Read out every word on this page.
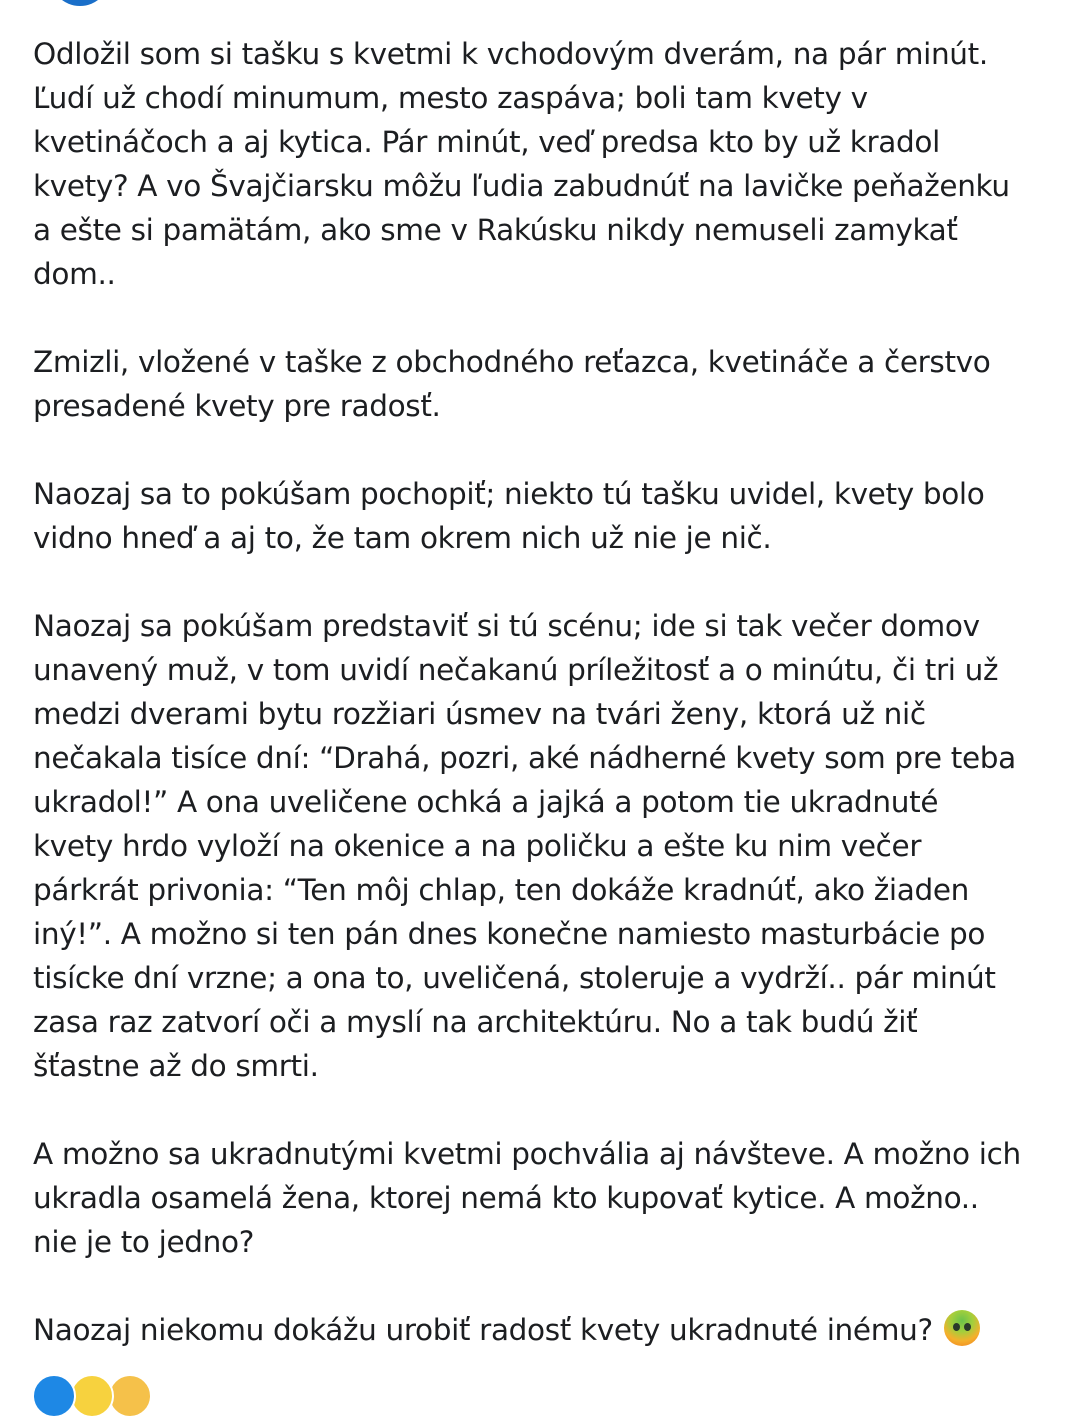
Odložil som si tašku s kvetmi k vchodovým dverám, na pár minút.
Ľudí už chodí minumum, mesto zaspáva; boli tam kvety v
kvetináčoch a aj kytica. Pár minút, veď predsa kto by už kradol
kvety? A vo Švajčiarsku môžu ľudia zabudnúť na lavičke peňaženku
a ešte si pamätám, ako sme v Rakúsku nikdy nemuseli zamykať
dom..

Zmizli, vložené v taške z obchodného reťazca, kvetináče a čerstvo
presadené kvety pre radosť.

Naozaj sa to pokúšam pochopiť; niekto tú tašku uvidel, kvety bolo
vidno hneď a aj to, že tam okrem nich už nie je nič.

Naozaj sa pokúšam predstaviť si tú scénu; ide si tak večer domov
unavený muž, v tom uvidí nečakanú príležitosť a o minútu, či tri už
medzi dverami bytu rozžiari úsmev na tvári ženy, ktorá už nič
nečakala tisíce dní: “Drahá, pozri, aké nádherné kvety som pre teba
ukradol!” A ona uveličene ochká a jajká a potom tie ukradnuté
kvety hrdo vyloží na okenice a na poličku a ešte ku nim večer
párkrát privonia: “Ten môj chlap, ten dokáže kradnúť, ako žiaden
iný!”. A možno si ten pán dnes konečne namiesto masturbácie po
tisícke dní vrzne; a ona to, uveličená, stoleruje a vydrží.. pár minút
zasa raz zatvorí oči a myslí na architektúru. No a tak budú žiť
šťastne až do smrti.

A možno sa ukradnutými kvetmi pochvália aj návšteve. A možno ich
ukradla osamelá žena, ktorej nemá kto kupovať kytice. A možno..
nie je to jedno?

Naozaj niekomu dokážu urobiť radosť kvety ukradnuté inému?
